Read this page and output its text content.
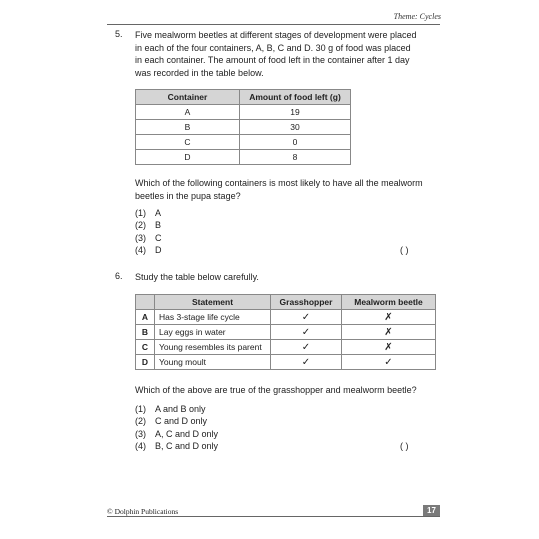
Theme: Cycles
5. Five mealworm beetles at different stages of development were placed
in each of the four containers, A, B, C and D. 30 g of food was placed
in each container. The amount of food left in the container after 1 day
was recorded in the table below.
Container	Amount of food left (g)
A	19
B	30
C	0
D	8
Which of the following containers is most likely to have all the mealworm
beetles in the pupa stage?
(1) A
(2) B
(3) C
(4) D	( )
6. Study the table below carefully.
	Statement	Grasshopper	Mealworm beetle
A	Has 3-stage life cycle	✓	✗
B	Lay eggs in water	✓	✗
C	Young resembles its parent	✓	✗
D	Young moult	✓	✓
Which of the above are true of the grasshopper and mealworm beetle?
(1) A and B only
(2) C and D only
(3) A, C and D only
(4) B, C and D only	( )
© Dolphin Publications	17
